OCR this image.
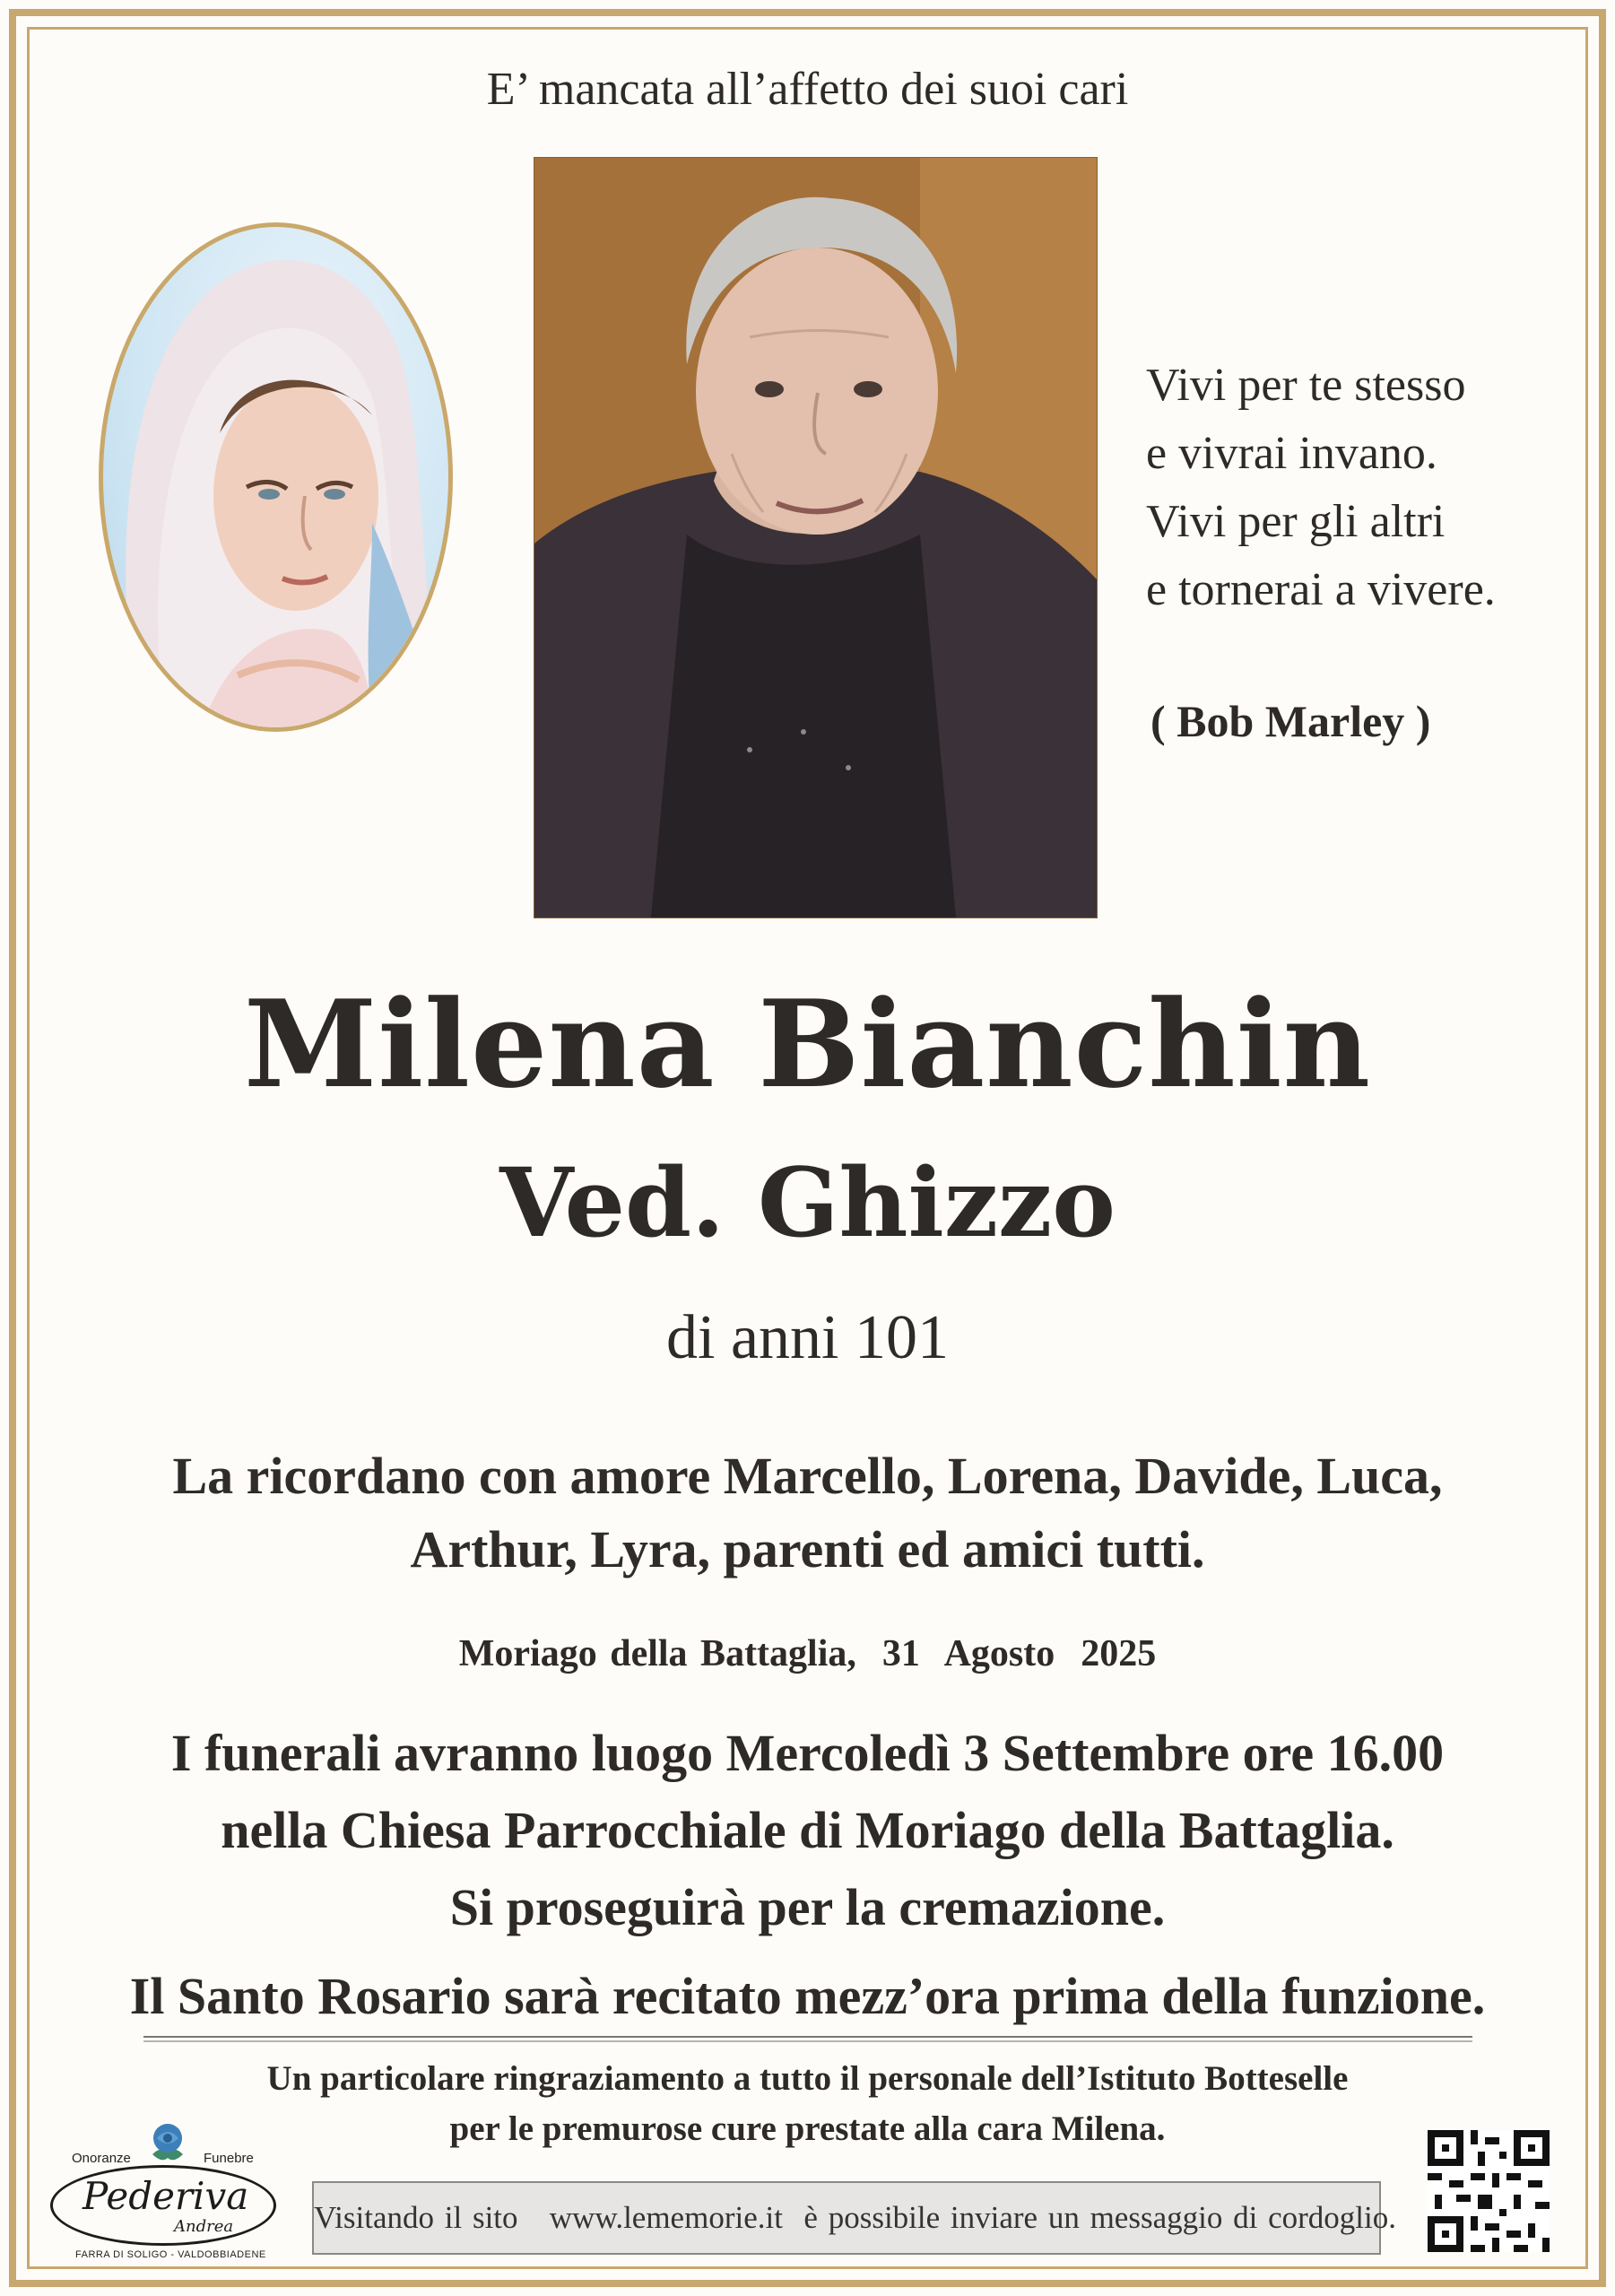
E’ mancata all’affetto dei suoi cari
Vivi per te stesso
e vivrai invano.
Vivi per gli altri
e tornerai a vivere.
( Bob Marley )
Milena Bianchin
Ved. Ghizzo
di anni 101
La ricordano con amore Marcello, Lorena, Davide, Luca,
Arthur, Lyra, parenti ed amici tutti.
Moriago della Battaglia,  31  Agosto  2025
I funerali avranno luogo Mercoledì 3 Settembre ore 16.00
nella Chiesa Parrocchiale di Moriago della Battaglia.
Si proseguirà per la cremazione.
Il Santo Rosario sarà recitato mezz’ora prima della funzione.
Un particolare ringraziamento a tutto il personale dell’Istituto Botteselle
per le premurose cure prestate alla cara Milena.
Onoranze	Funebre
Pederiva
Andrea
FARRA DI SOLIGO - VALDOBBIADENE
Visitando il sito   www.lememorie.it  è possibile inviare un messaggio di cordoglio.
